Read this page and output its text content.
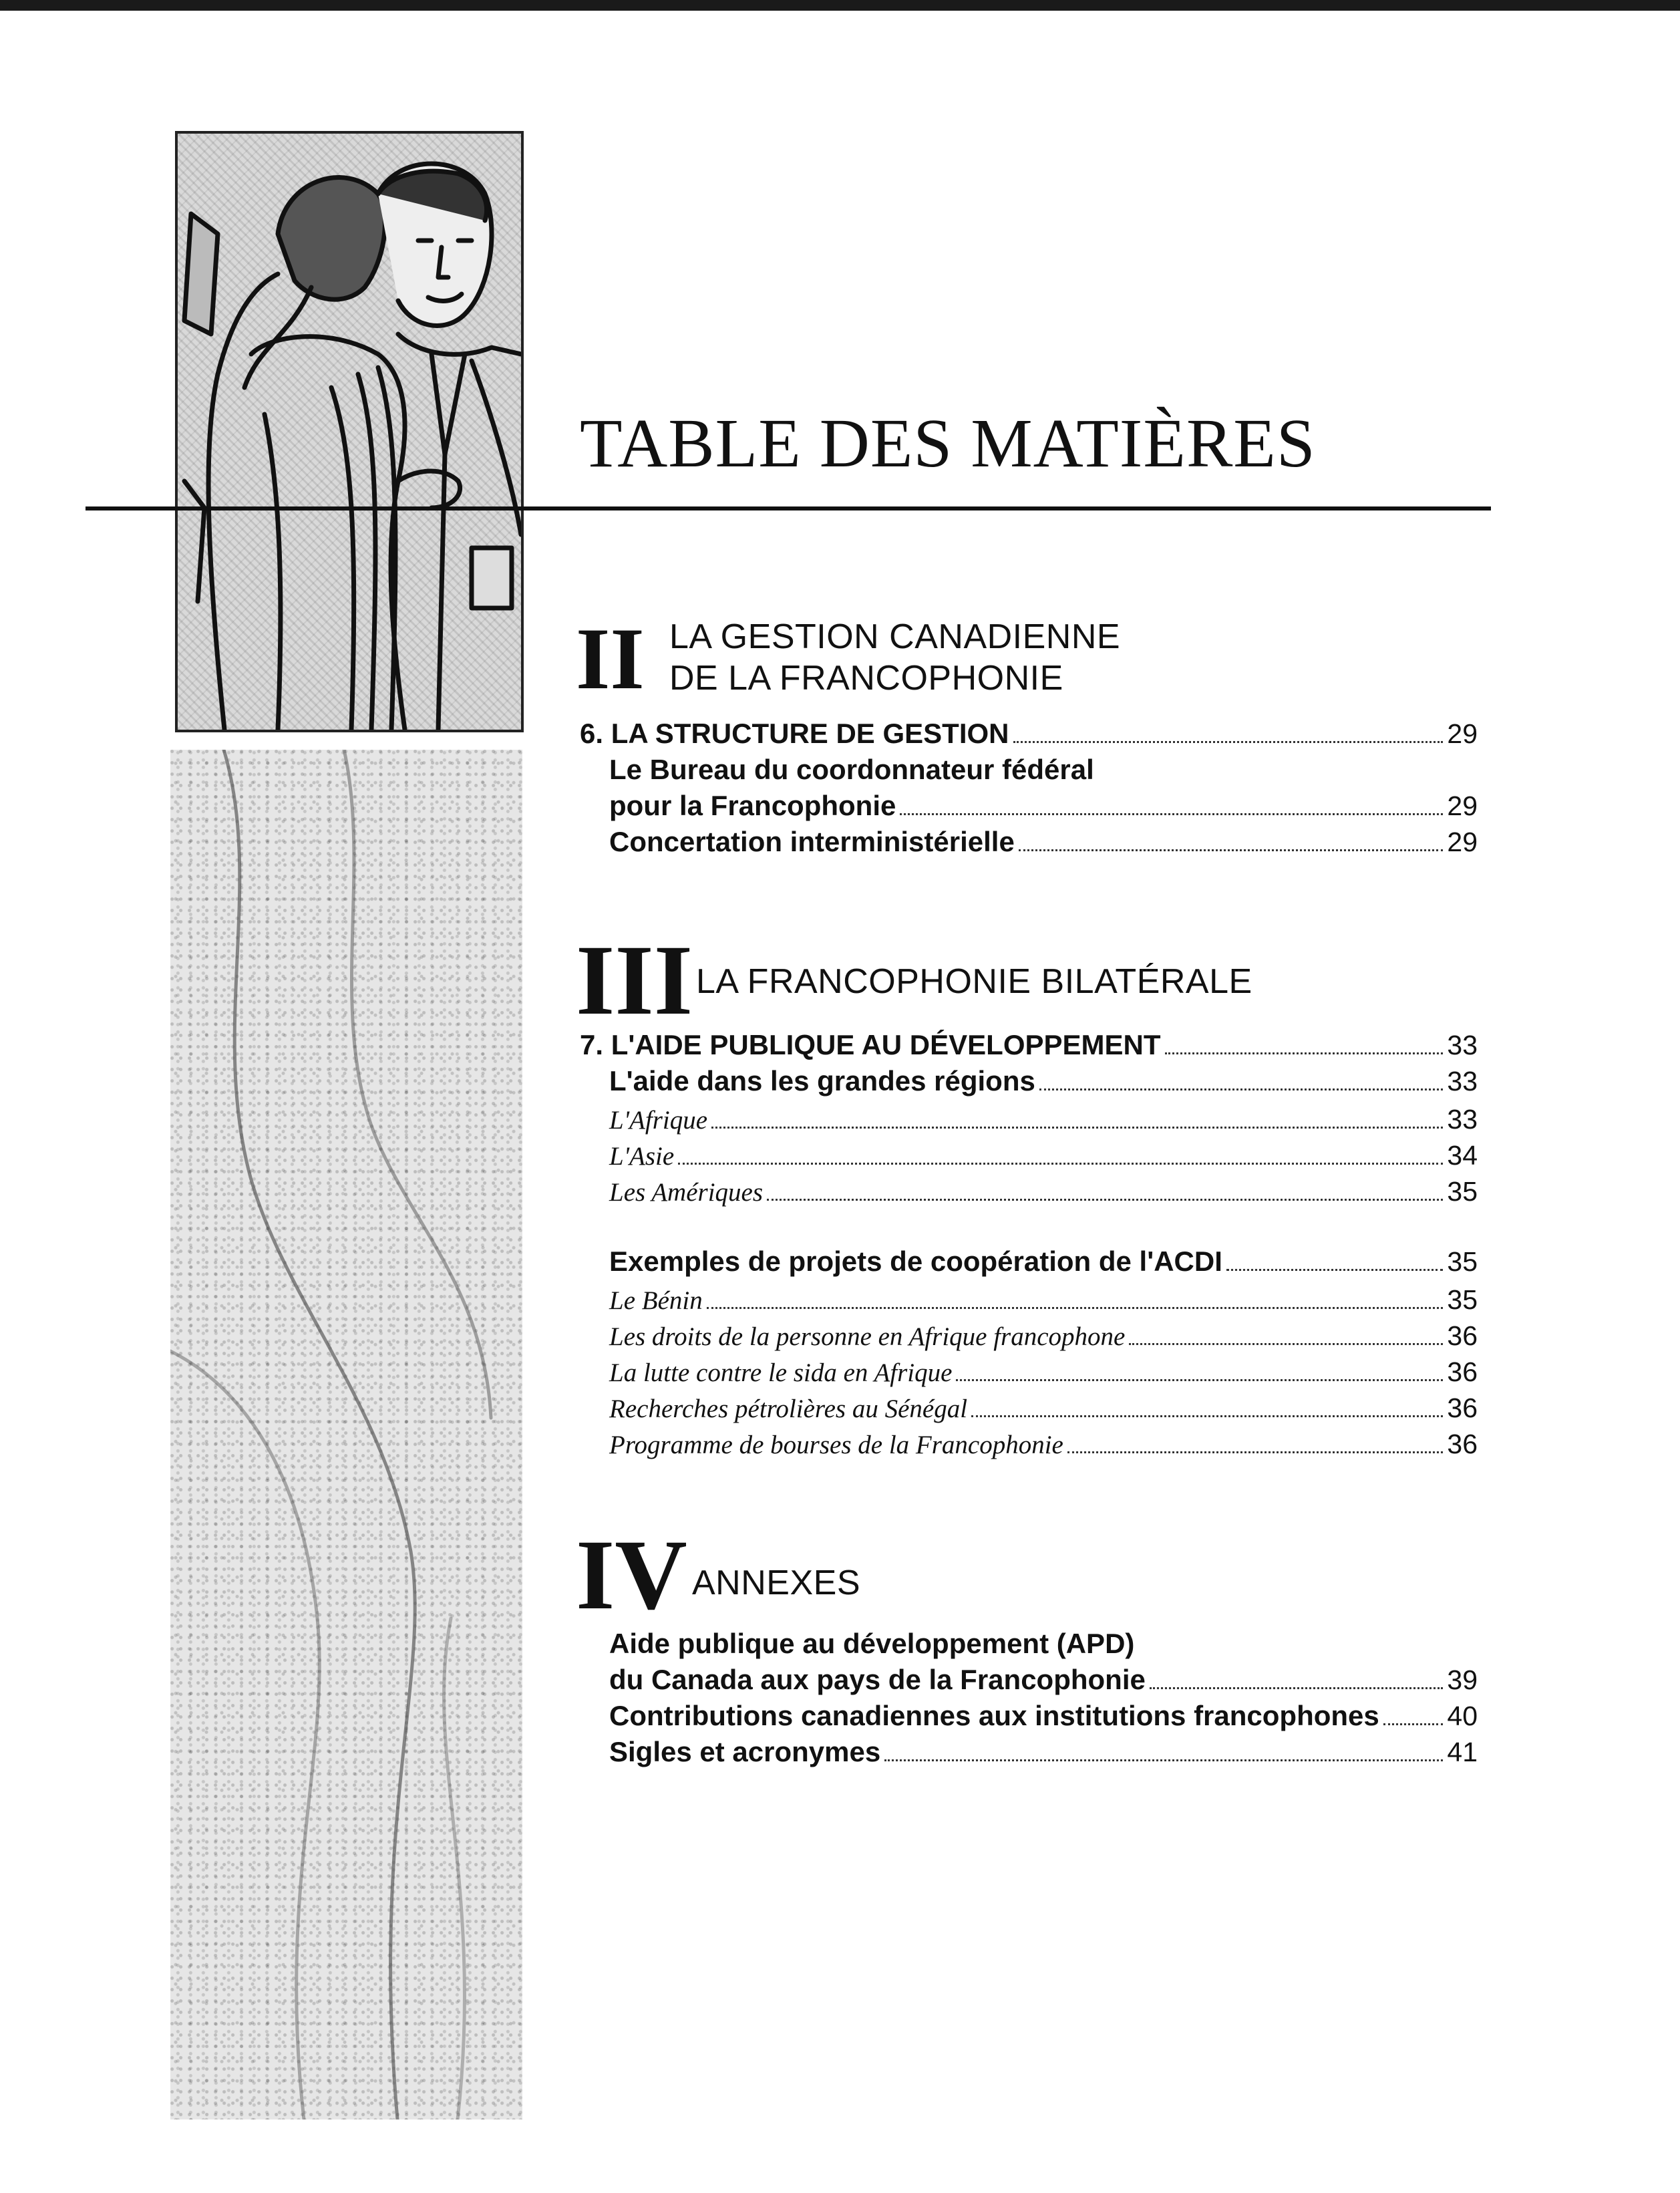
TABLE DES MATIÈRES
II LA GESTION CANADIENNE
DE LA FRANCOPHONIE
6. LA STRUCTURE DE GESTION	29
Le Bureau du coordonnateur fédéral
pour la Francophonie	29
Concertation interministérielle	29
III LA FRANCOPHONIE BILATÉRALE
7. L'AIDE PUBLIQUE AU DÉVELOPPEMENT	33
L'aide dans les grandes régions	33
L'Afrique	33
L'Asie	34
Les Amériques	35
Exemples de projets de coopération de l'ACDI	35
Le Bénin	35
Les droits de la personne en Afrique francophone	36
La lutte contre le sida en Afrique	36
Recherches pétrolières au Sénégal	36
Programme de bourses de la Francophonie	36
IV ANNEXES
Aide publique au développement (APD)
du Canada aux pays de la Francophonie	39
Contributions canadiennes aux institutions francophones 40
Sigles et acronymes	41
